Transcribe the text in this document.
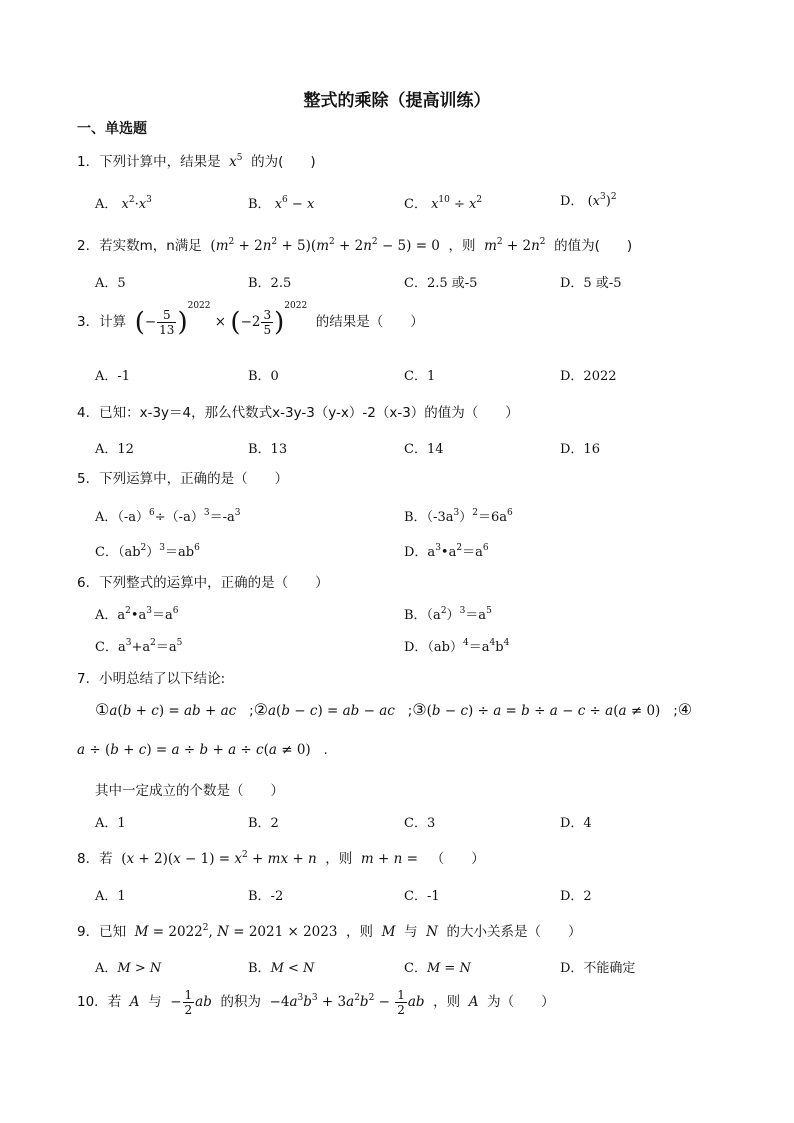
整式的乘除（提高训练）
一、单选题
1．下列计算中，结果是  $x^5$ 的为(　　)
A． $x^2\cdot x^3$	B． $x^6 - x$	C． $x^{10} \div x^2$	D． $(x^3)^2$
2．若实数m，n满足 $(m^2 + 2n^2 + 5)(m^2 + 2n^2 - 5) = 0$ ，则  $m^2 + 2n^2$ 的值为(　　)
A．5	B．2.5	C．2.5 或-5	D．5 或-5
3．计算 (− $\frac{5}{13} )^{2022} \times (-2 \frac{3}{5} )^{2022}$  的结果是（　　）
A．-1	B．0	C．1	D．2022
4．已知：x-3y＝4，那么代数式x-3y-3（y-x）-2（x-3）的值为（　　）
A．12	B．13	C．14	D．16
5．下列运算中，正确的是（　　）
A．$(-a)^6\div(-a)^3=-a^3$	B．$(-3a^3)^2=6a^6$
C．$(ab^2)^3=ab^6$	D．$a^3•a^2=a^6$
6．下列整式的运算中，正确的是（　　）
A．$a^2•a^3=a^6$	B．$(a^2)^3=a^5$
C．$a^3+a^2=a^5$	D．$(ab)^4=a^4b^4$
7．小明总结了以下结论:
①a(b + c) = ab + ac   ;②a(b − c) = ab − ac   ;③(b − c) ÷ a = b ÷ a − c ÷ a(a ≠ 0)   ;④
a ÷ (b + c) = a ÷ b + a ÷ c(a ≠ 0)   .
其中一定成立的个数是（　　）
A．1	B．2	C．3	D．4
8．若 $(x + 2)(x - 1) = x^2$ + mx + n  ，则  m + n =   （　　）
A．1	B．-2	C．-1	D．2
9．已知  $M = 2022^2$, N = 2021 × 2023 ，则  M  与  N  的大小关系是（　　）
A．M > N	B．M < N	C．M = N	D．不能确定
10．若  A  与 − $\frac{1}{2}$ ab  的积为 $-4a^3b^3 + 3a^2b^2 - \frac{1}{2}$ ab  ，则  A  为（　　）
